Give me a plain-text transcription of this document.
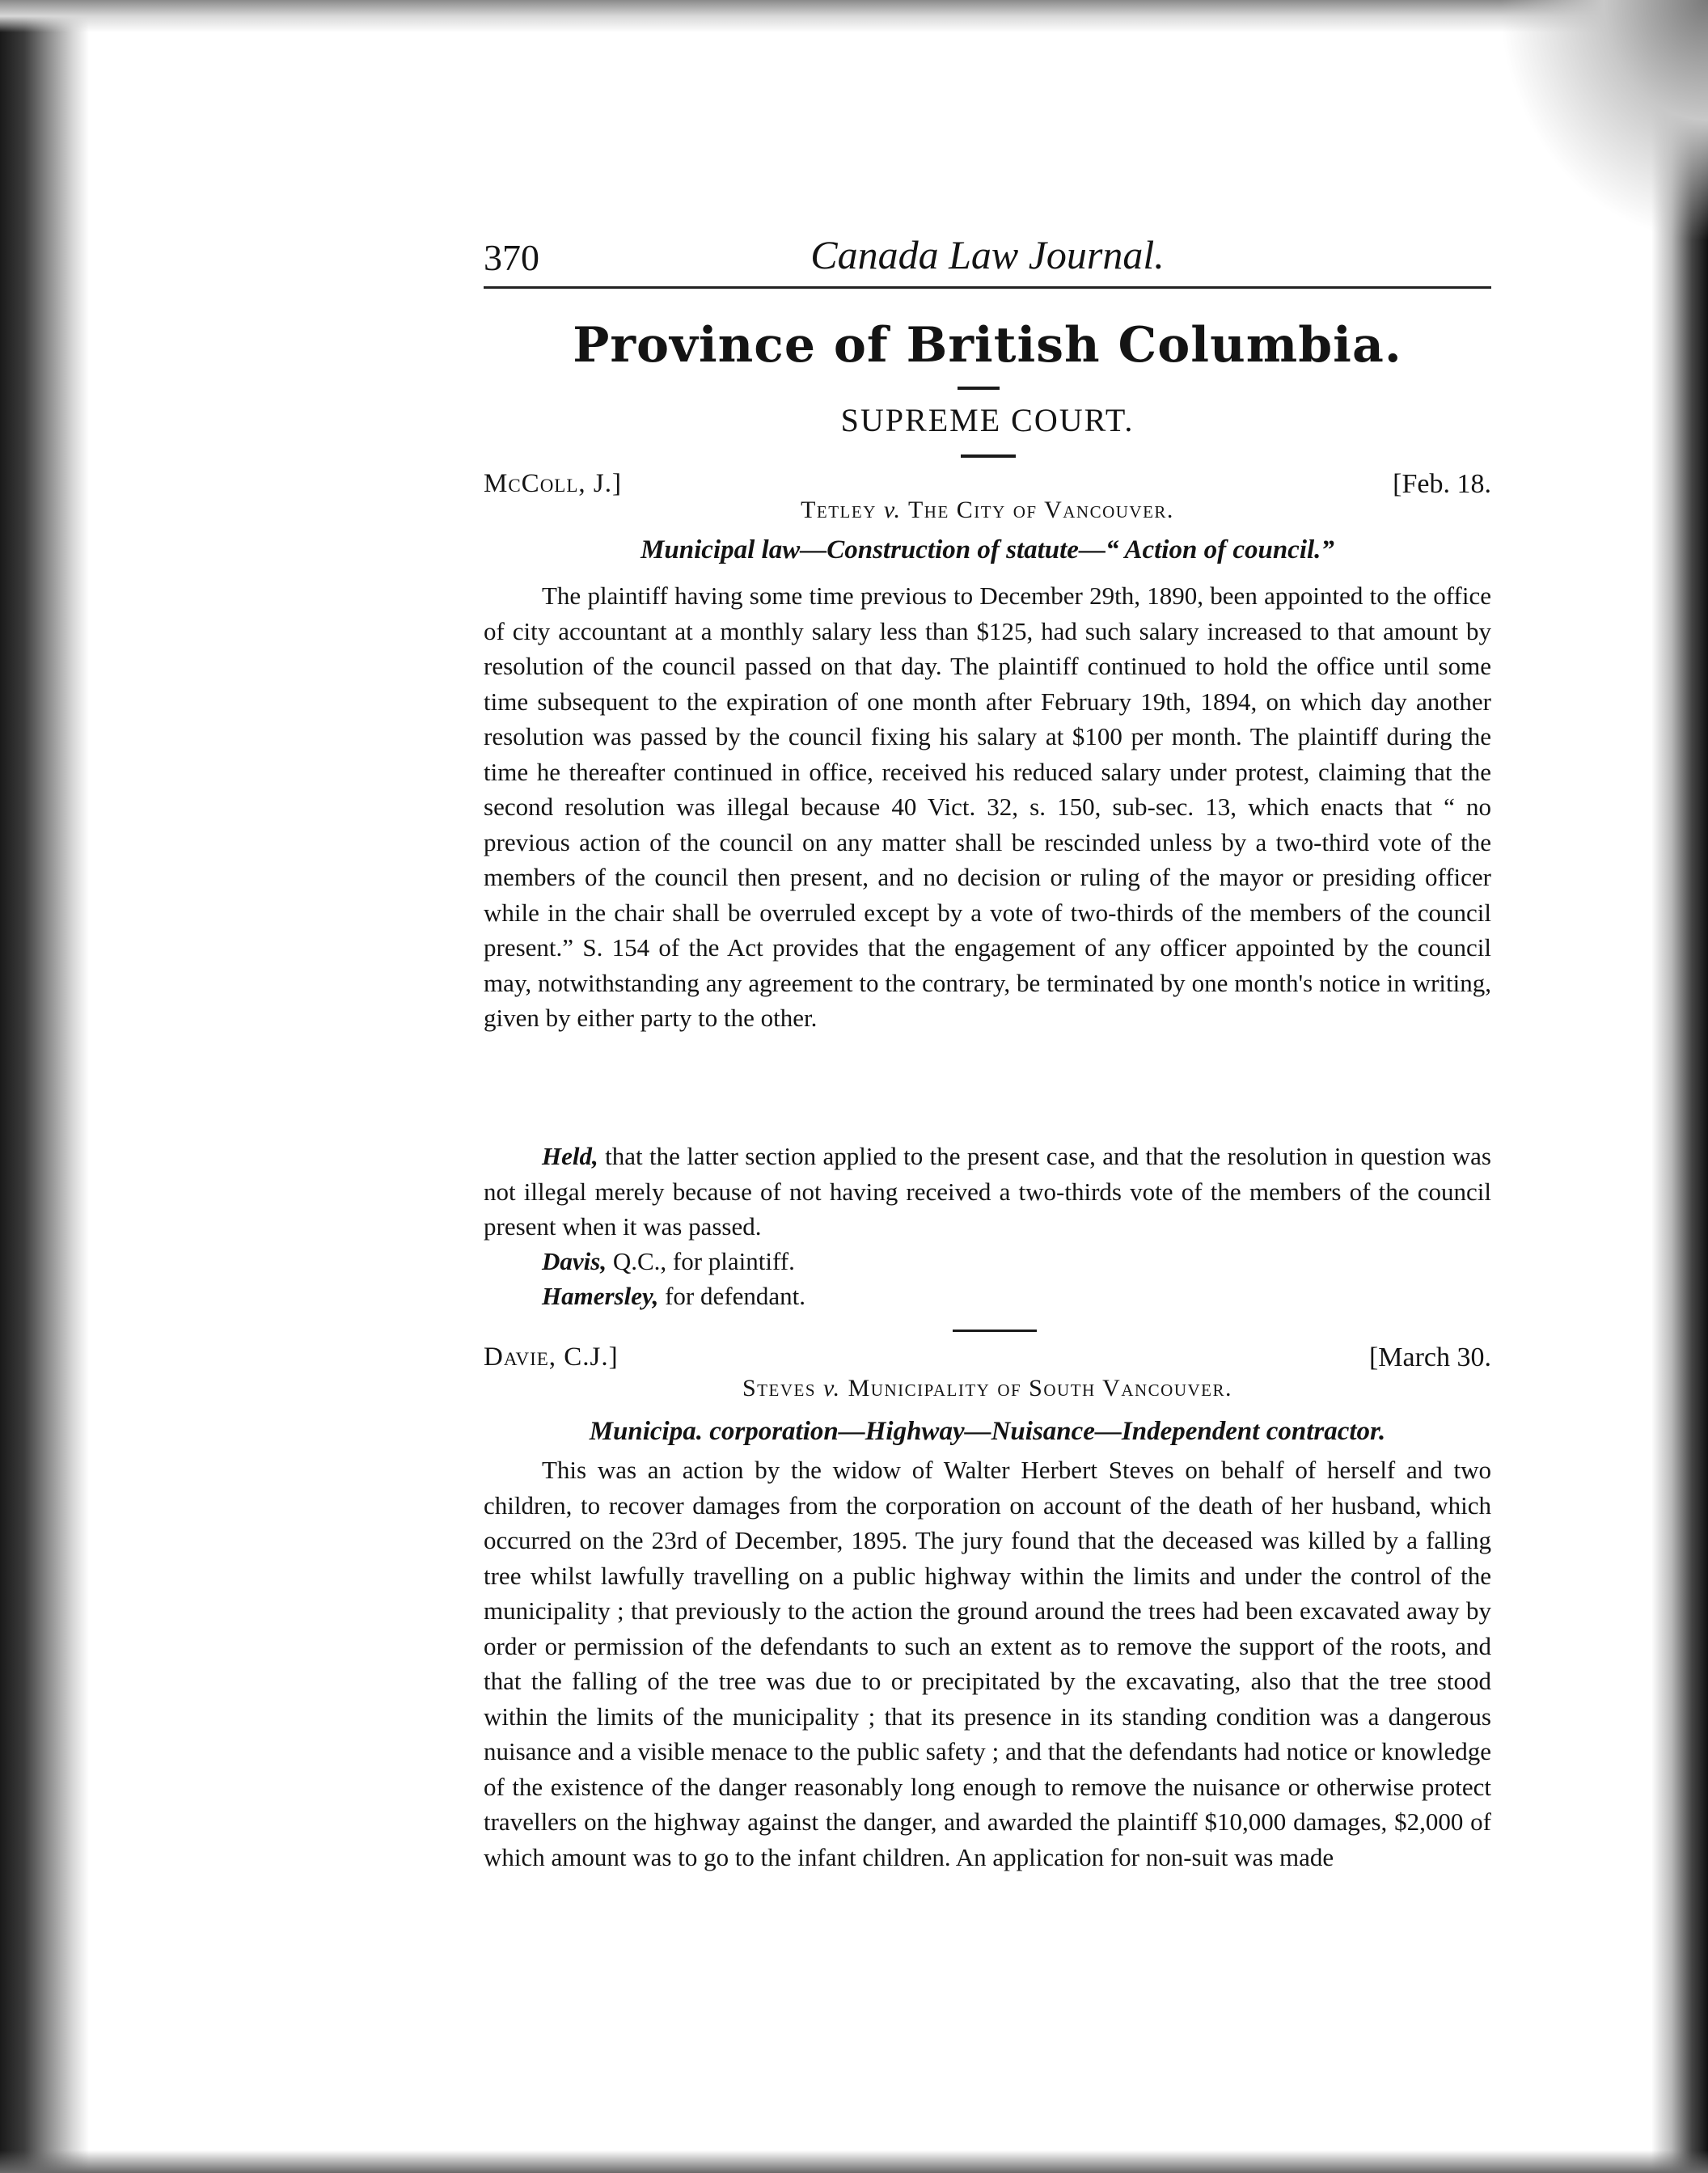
370	Canada Law Journal.
Province of British Columbia.
SUPREME COURT.
McColl, J.]	[Feb. 18.
Tetley v. The City of Vancouver.
Municipal law—Construction of statute—“ Action of council.”

The plaintiff having some time previous to December 29th, 1890, been appointed to the office of city accountant at a monthly salary less than $125, had such salary increased to that amount by resolution of the council passed on that day. The plaintiff continued to hold the office until some time subsequent to the expiration of one month after February 19th, 1894, on which day another resolution was passed by the council fixing his salary at $100 per month. The plaintiff during the time he thereafter continued in office, received his reduced salary under protest, claiming that the second resolution was illegal because 40 Vict. 32, s. 150, sub-sec. 13, which enacts that “ no previous action of the council on any matter shall be rescinded unless by a two-third vote of the members of the council then present, and no decision or ruling of the mayor or presiding officer while in the chair shall be overruled except by a vote of two-thirds of the members of the council present.” S. 154 of the Act provides that the engagement of any officer appointed by the council may, notwithstanding any agreement to the contrary, be terminated by one month's notice in writing, given by either party to the other.

Held, that the latter section applied to the present case, and that the resolution in question was not illegal merely because of not having received a two-thirds vote of the members of the council present when it was passed.

Davis, Q.C., for plaintiff.
Hamersley, for defendant.
Davie, C.J.]	[March 30.
Steves v. Municipality of South Vancouver.
Municipa. corporation—Highway—Nuisance—Independent contractor.

This was an action by the widow of Walter Herbert Steves on behalf of herself and two children, to recover damages from the corporation on account of the death of her husband, which occurred on the 23rd of December, 1895. The jury found that the deceased was killed by a falling tree whilst lawfully travelling on a public highway within the limits and under the control of the municipality ; that previously to the action the ground around the trees had been excavated away by order or permission of the defendants to such an extent as to remove the support of the roots, and that the falling of the tree was due to or precipitated by the excavating, also that the tree stood within the limits of the municipality ; that its presence in its standing condition was a dangerous nuisance and a visible menace to the public safety ; and that the defendants had notice or knowledge of the existence of the danger reasonably long enough to remove the nuisance or otherwise protect travellers on the highway against the danger, and awarded the plaintiff $10,000 damages, $2,000 of which amount was to go to the infant children. An application for non-suit was made
